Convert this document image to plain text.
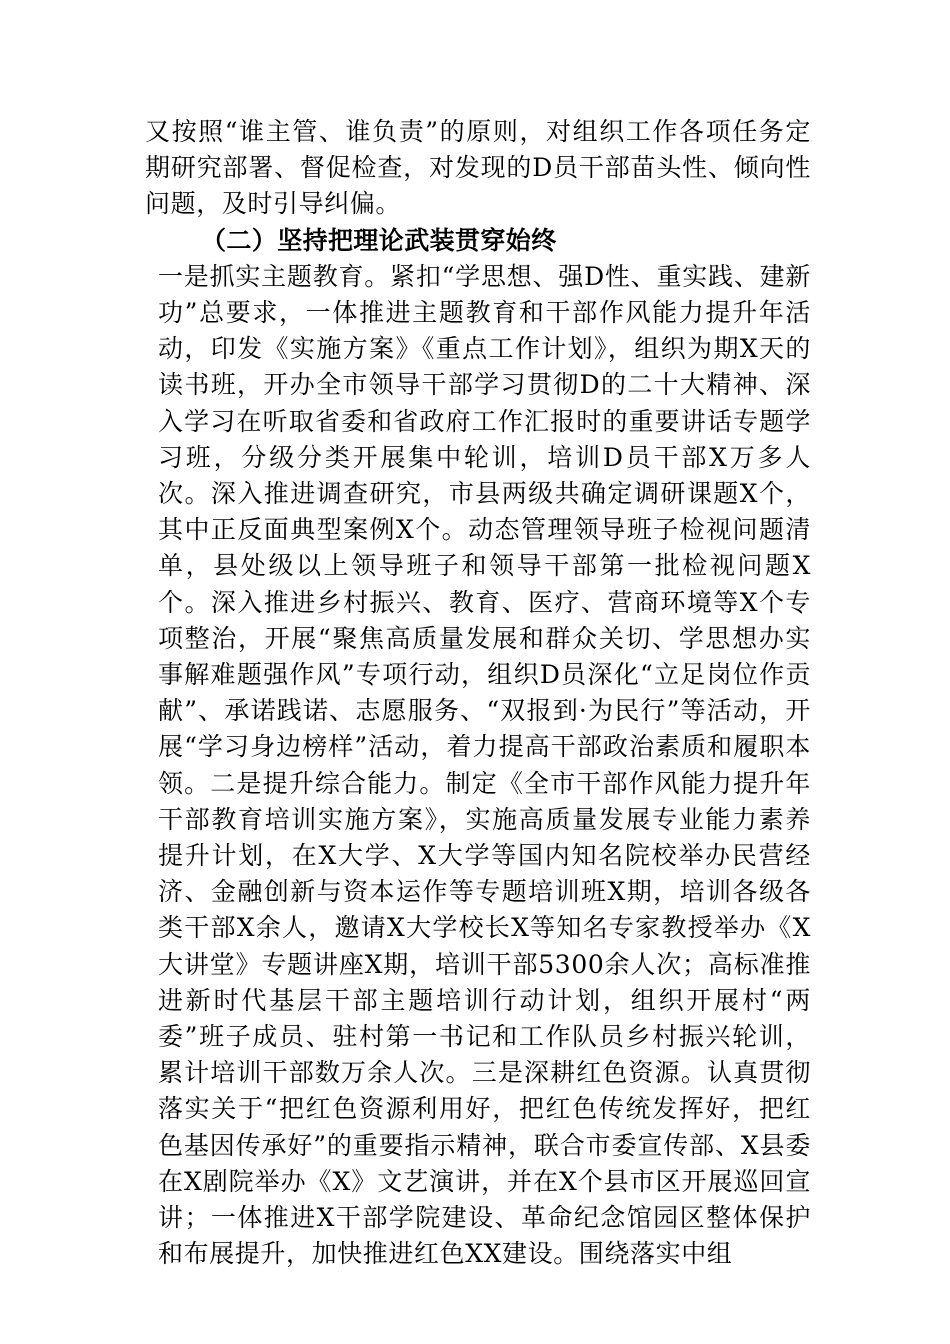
又按照“谁主管、谁负责”的原则，对组织工作各项任务定期研究部署、督促检查，对发现的D员干部苗头性、倾向性问题，及时引导纠偏。

（二）坚持把理论武装贯穿始终

一是抓实主题教育。紧扣“学思想、强D性、重实践、建新功”总要求，一体推进主题教育和干部作风能力提升年活动，印发《实施方案》《重点工作计划》，组织为期X天的读书班，开办全市领导干部学习贯彻D的二十大精神、深入学习在听取省委和省政府工作汇报时的重要讲话专题学习班，分级分类开展集中轮训，培训D员干部X万多人次。深入推进调查研究，市县两级共确定调研课题X个，其中正反面典型案例X个。动态管理领导班子检视问题清单，县处级以上领导班子和领导干部第一批检视问题X个。深入推进乡村振兴、教育、医疗、营商环境等X个专项整治，开展“聚焦高质量发展和群众关切、学思想办实事解难题强作风”专项行动，组织D员深化“立足岗位作贡献”、承诺践诺、志愿服务、“双报到·为民行”等活动，开展“学习身边榜样”活动，着力提高干部政治素质和履职本领。二是提升综合能力。制定《全市干部作风能力提升年干部教育培训实施方案》，实施高质量发展专业能力素养提升计划，在X大学、X大学等国内知名院校举办民营经济、金融创新与资本运作等专题培训班X期，培训各级各类干部X余人，邀请X大学校长X等知名专家教授举办《X大讲堂》专题讲座X期，培训干部5300余人次；高标准推进新时代基层干部主题培训行动计划，组织开展村“两委”班子成员、驻村第一书记和工作队员乡村振兴轮训，累计培训干部数万余人次。三是深耕红色资源。认真贯彻落实关于“把红色资源利用好，把红色传统发挥好，把红色基因传承好”的重要指示精神，联合市委宣传部、X县委在X剧院举办《X》文艺演讲，并在X个县市区开展巡回宣讲；一体推进X干部学院建设、革命纪念馆园区整体保护和布展提升，加快推进红色XX建设。围绕落实中组
